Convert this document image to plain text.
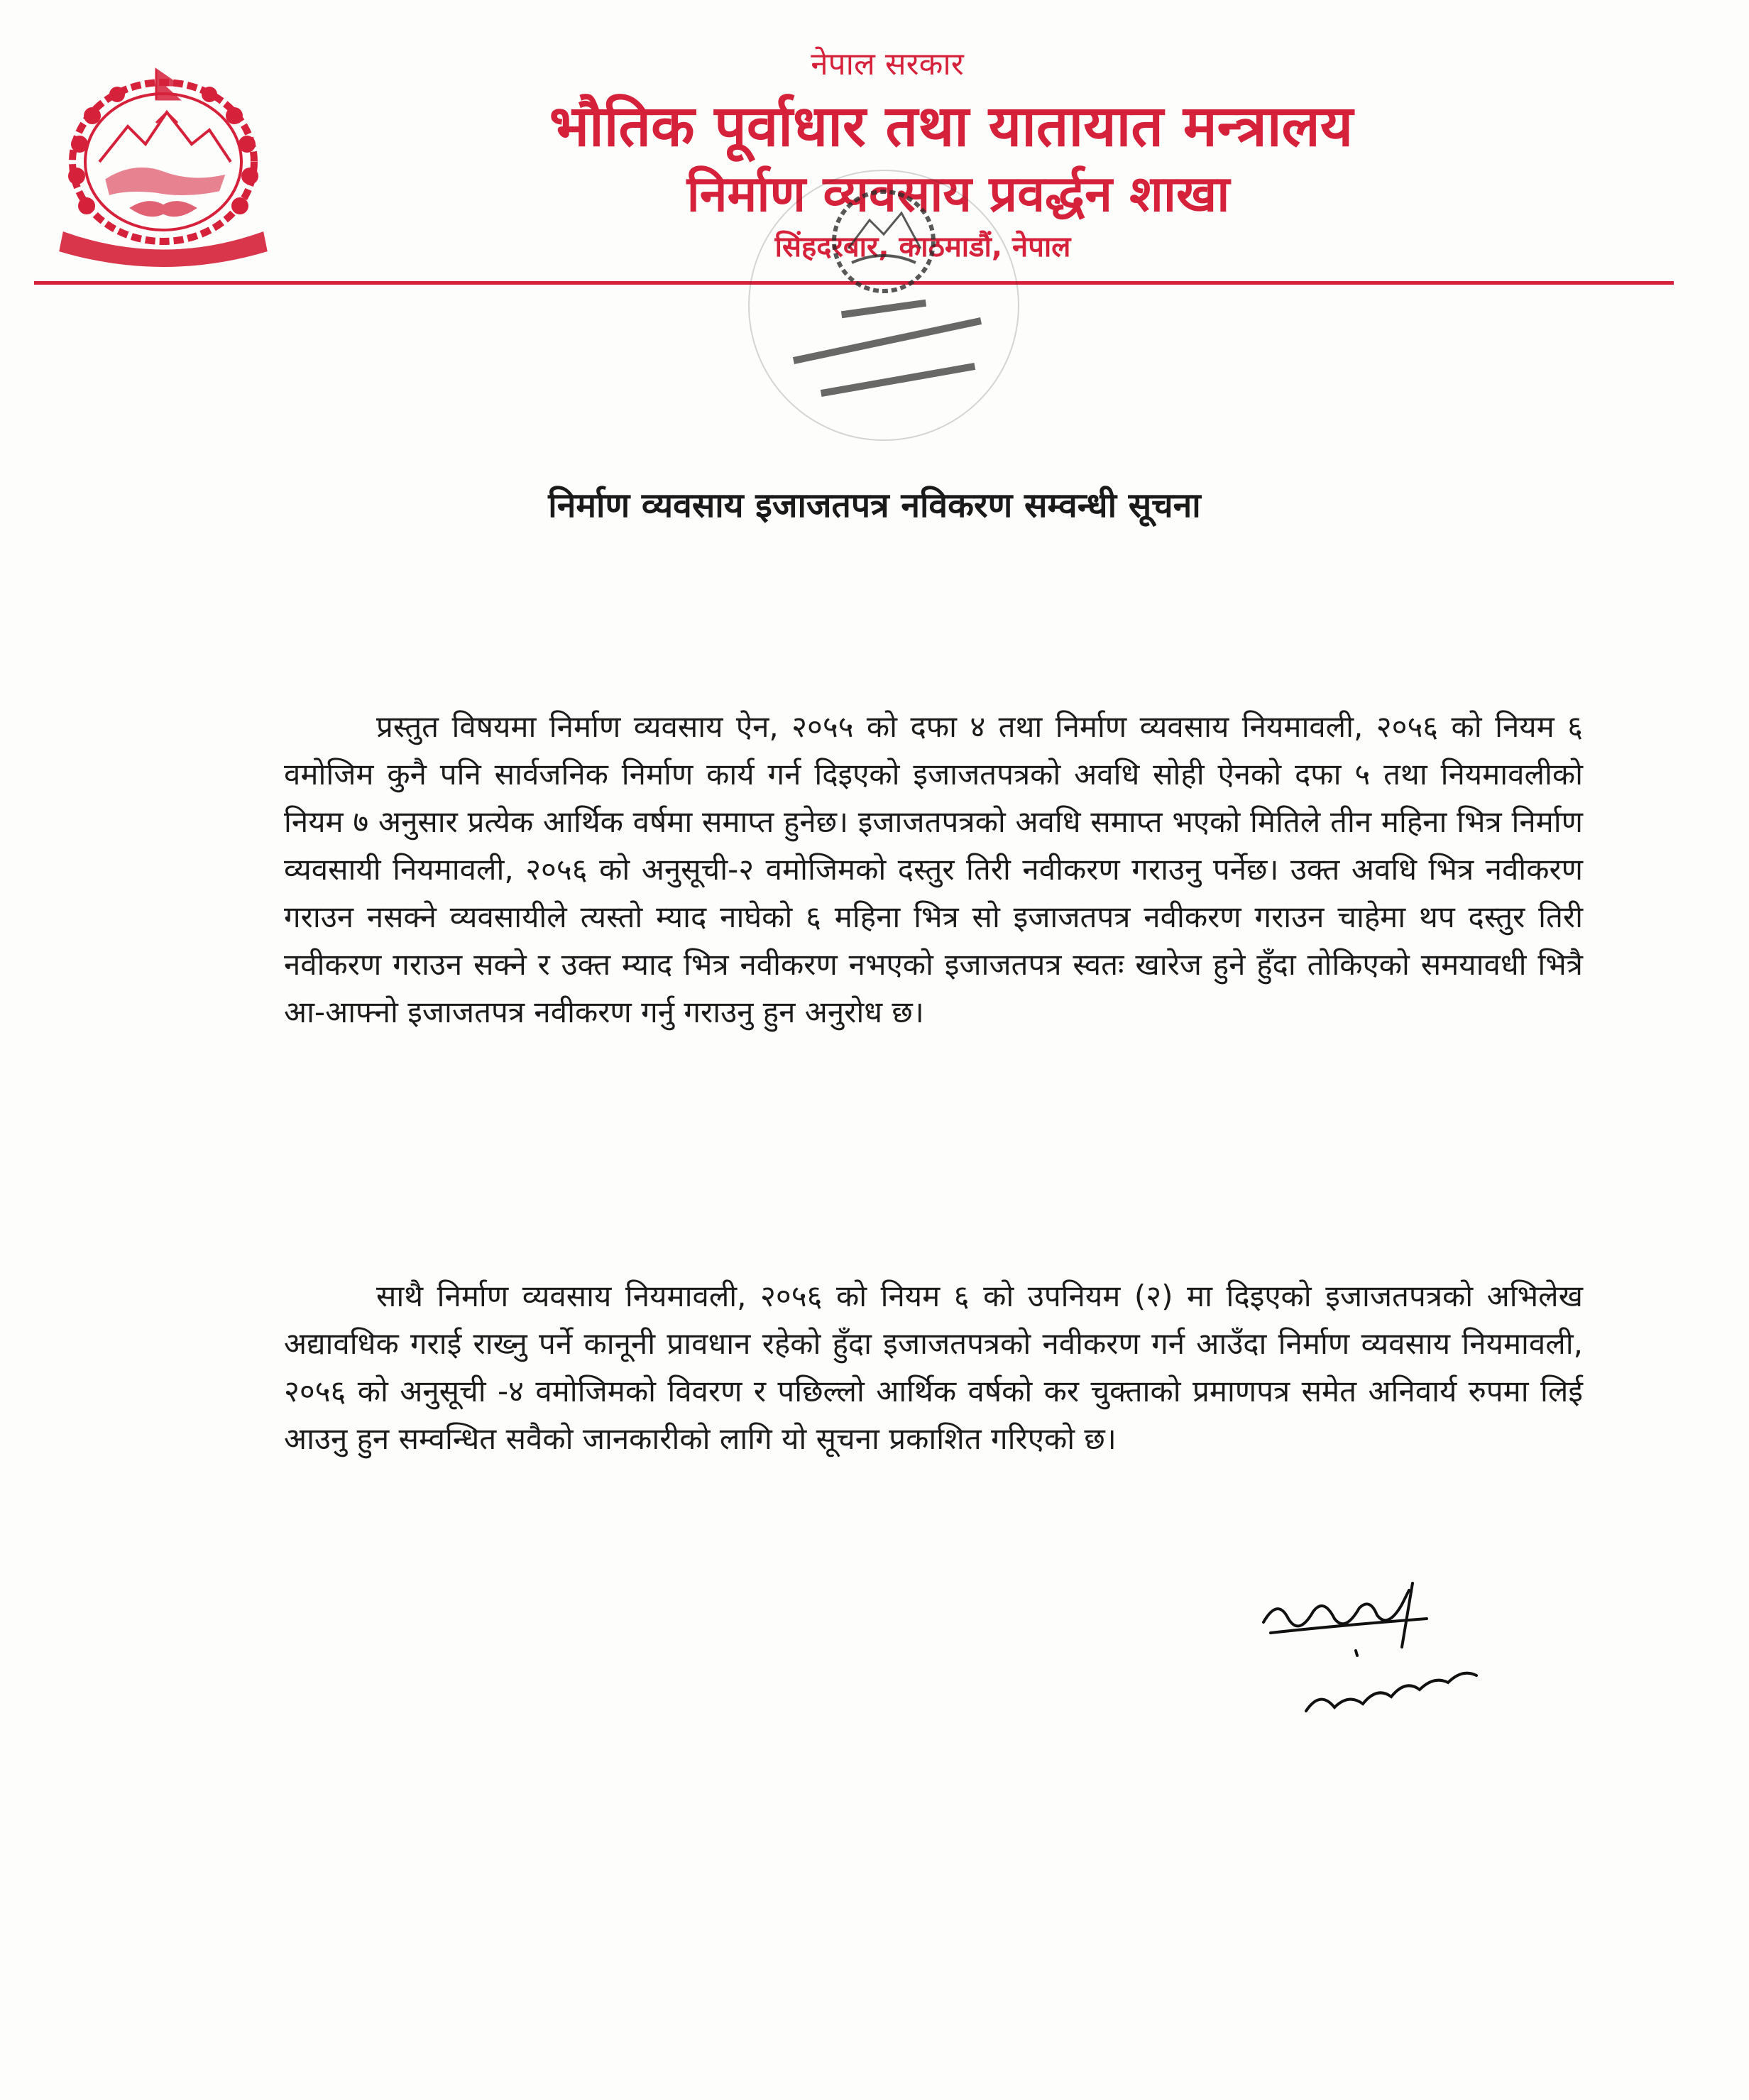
नेपाल सरकार
भौतिक पूर्वाधार तथा यातायात मन्त्रालय
निर्माण व्यवसाय प्रवर्द्धन शाखा
सिंहदरबार, काठमाडौं, नेपाल
निर्माण व्यवसाय इजाजतपत्र नविकरण सम्वन्धी सूचना

प्रस्तुत विषयमा निर्माण व्यवसाय ऐन, २०५५ को दफा ४ तथा निर्माण व्यवसाय नियमावली, २०५६ को नियम ६ वमोजिम कुनै पनि सार्वजनिक निर्माण कार्य गर्न दिइएको इजाजतपत्रको अवधि सोही ऐनको दफा ५ तथा नियमावलीको नियम ७ अनुसार प्रत्येक आर्थिक वर्षमा समाप्त हुनेछ। इजाजतपत्रको अवधि समाप्त भएको मितिले तीन महिना भित्र निर्माण व्यवसायी नियमावली, २०५६ को अनुसूची-२ वमोजिमको दस्तुर तिरी नवीकरण गराउनु पर्नेछ। उक्त अवधि भित्र नवीकरण गराउन नसक्ने व्यवसायीले त्यस्तो म्याद नाघेको ६ महिना भित्र सो इजाजतपत्र नवीकरण गराउन चाहेमा थप दस्तुर तिरी नवीकरण गराउन सक्ने र उक्त म्याद भित्र नवीकरण नभएको इजाजतपत्र स्वतः खारेज हुने हुँदा तोकिएको समयावधी भित्रै आ-आफ्नो इजाजतपत्र नवीकरण गर्नु गराउनु हुन अनुरोध छ।

साथै निर्माण व्यवसाय नियमावली, २०५६ को नियम ६ को उपनियम (२) मा दिइएको इजाजतपत्रको अभिलेख अद्यावधिक गराई राख्नु पर्ने कानूनी प्रावधान रहेको हुँदा इजाजतपत्रको नवीकरण गर्न आउँदा निर्माण व्यवसाय नियमावली, २०५६ को अनुसूची -४ वमोजिमको विवरण र पछिल्लो आर्थिक वर्षको कर चुक्ताको प्रमाणपत्र समेत अनिवार्य रुपमा लिई आउनु हुन सम्वन्धित सवैको जानकारीको लागि यो सूचना प्रकाशित गरिएको छ।
